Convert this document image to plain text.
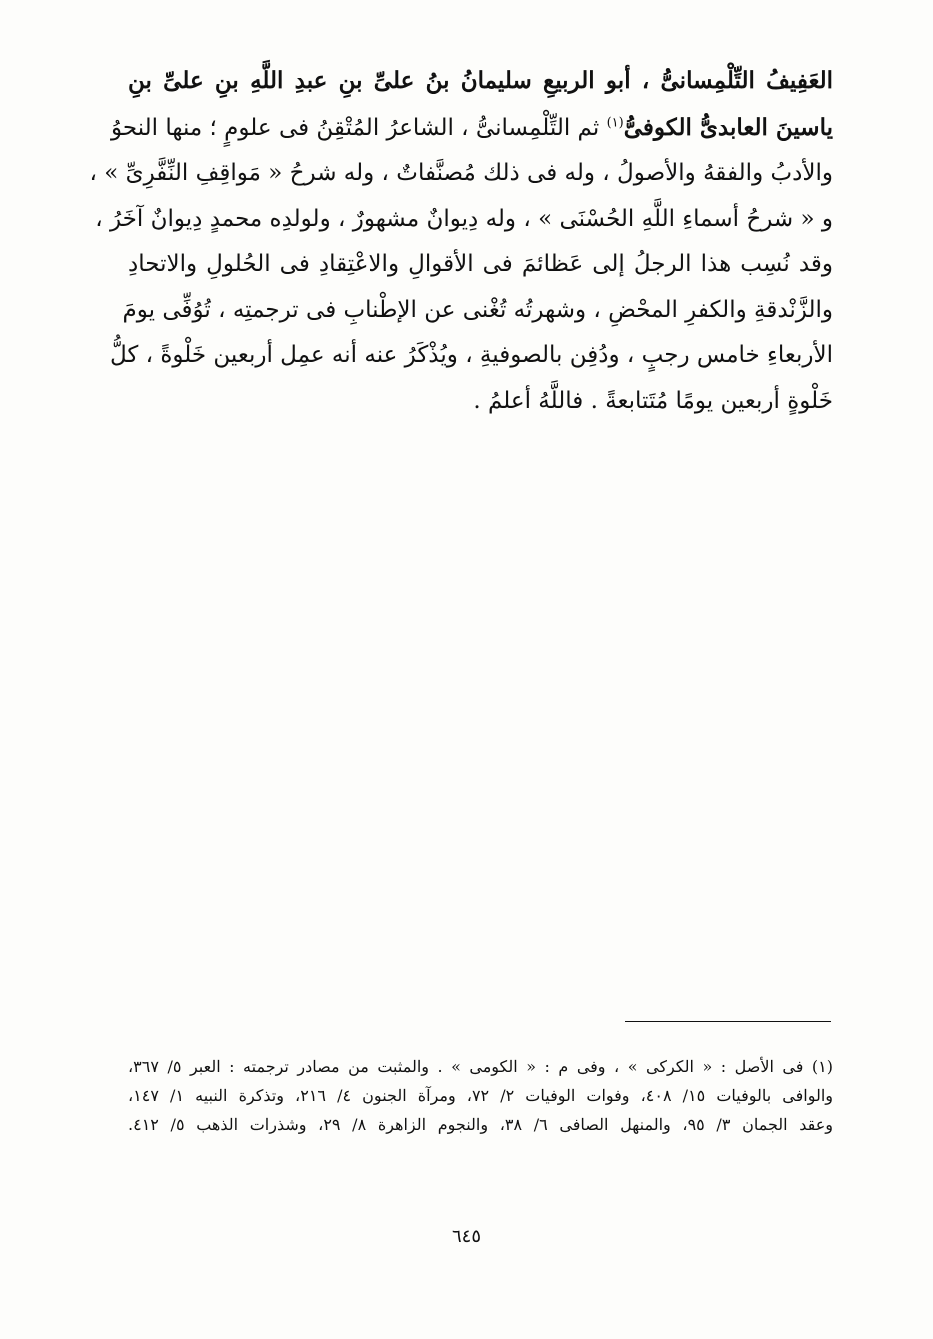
العَفِيفُ التِّلْمِسانىُّ ، أبو الربيعِ سليمانُ بنُ علىِّ بنِ عبدِ اللَّهِ بنِ علىِّ بنِ
ياسينَ العابدىُّ الكوفىُّ$^{(١)}$ ثم التِّلْمِسانىُّ ، الشاعرُ المُتْقِنُ فى علومٍ ؛ منها النحوُ
والأدبُ والفقهُ والأصولُ ، وله فى ذلك مُصنَّفاتٌ ، وله شرحُ « مَواقِفِ النِّفَّرِىِّ » ،
و « شرحُ أسماءِ اللَّهِ الحُسْنَى » ، وله دِيوانٌ مشهورٌ ، ولولدِه محمدٍ دِيوانٌ آخَرُ ،
وقد نُسِب هذا الرجلُ إلى عَظائمَ فى الأقوالِ والاعْتِقادِ فى الحُلولِ والاتحادِ
والزَّنْدقةِ والكفرِ المحْضِ ، وشهرتُه تُغْنى عن الإطْنابِ فى ترجمتِه ، تُوُفِّى يومَ
الأربعاءِ خامس رجبٍ ، ودُفِن بالصوفيةِ ، ويُذْكَرُ عنه أنه عمِل أربعين خَلْوةً ، كلُّ
خَلْوةٍ أربعين يومًا مُتَتابعةً . فاللَّهُ أعلمُ .
(١) فى الأصل : « الكركى » ، وفى م : « الكومى » . والمثبت من مصادر ترجمته : العبر ٥/ ٣٦٧،
والوافى بالوفيات ١٥/ ٤٠٨، وفوات الوفيات ٢/ ٧٢، ومرآة الجنون ٤/ ٢١٦، وتذكرة النبيه ١/ ١٤٧،
وعقد الجمان ٣/ ٩٥، والمنهل الصافى ٦/ ٣٨، والنجوم الزاهرة ٨/ ٢٩، وشذرات الذهب ٥/ ٤١٢.
٦٤٥
